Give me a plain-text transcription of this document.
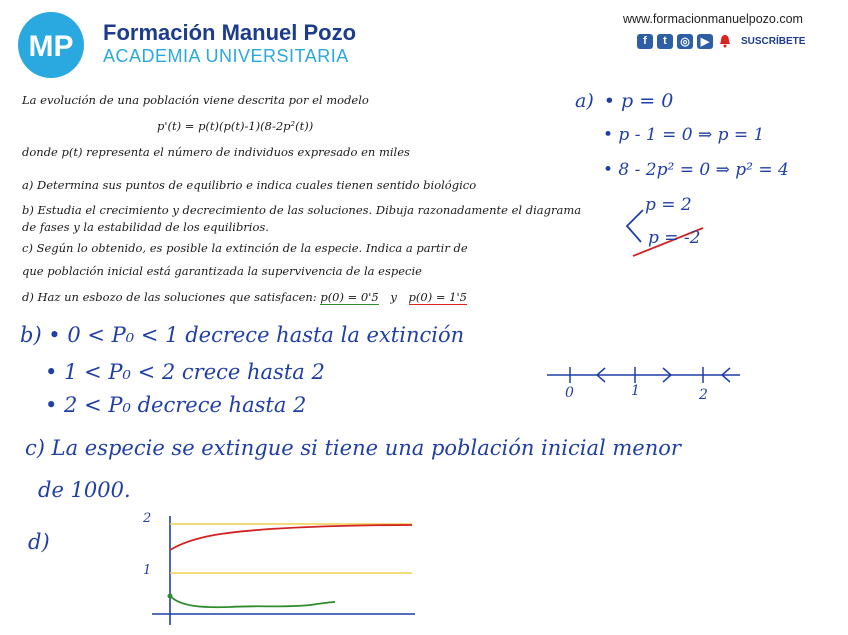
MP Formación Manuel Pozo
ACADEMIA UNIVERSITARIA
www.formacionmanuelpozo.com
f	t	◎ ▶	SUSCRÍBETE
La evolución de una población viene descrita por el modelo
p'(t) = p(t)(p(t)-1)(8-2p²(t))
donde p(t) representa el número de individuos expresado en miles
a) Determina sus puntos de equilibrio e indica cuales tienen sentido biológico
b) Estudia el crecimiento y decrecimiento de las soluciones. Dibuja razonadamente el diagrama
de fases y la estabilidad de los equilibrios.
c) Según lo obtenido, es posible la extinción de la especie. Indica a partir de
que población inicial está garantizada la supervivencia de la especie
d) Haz un esbozo de las soluciones que satisfacen: p(0) = 0'5 y p(0) = 1'5
a) • p = 0
• p - 1 = 0 ⇒ p = 1
• 8 - 2p² = 0 ⇒ p² = 4
p = 2
p = -2
b) • 0 < P₀ < 1 decrece hasta la extinción
• 1 < P₀ < 2 crece hasta 2
• 2 < P₀ decrece hasta 2	0	1	2
c) La especie se extingue si tiene una población inicial menor
de 1000.
d)
2
1
